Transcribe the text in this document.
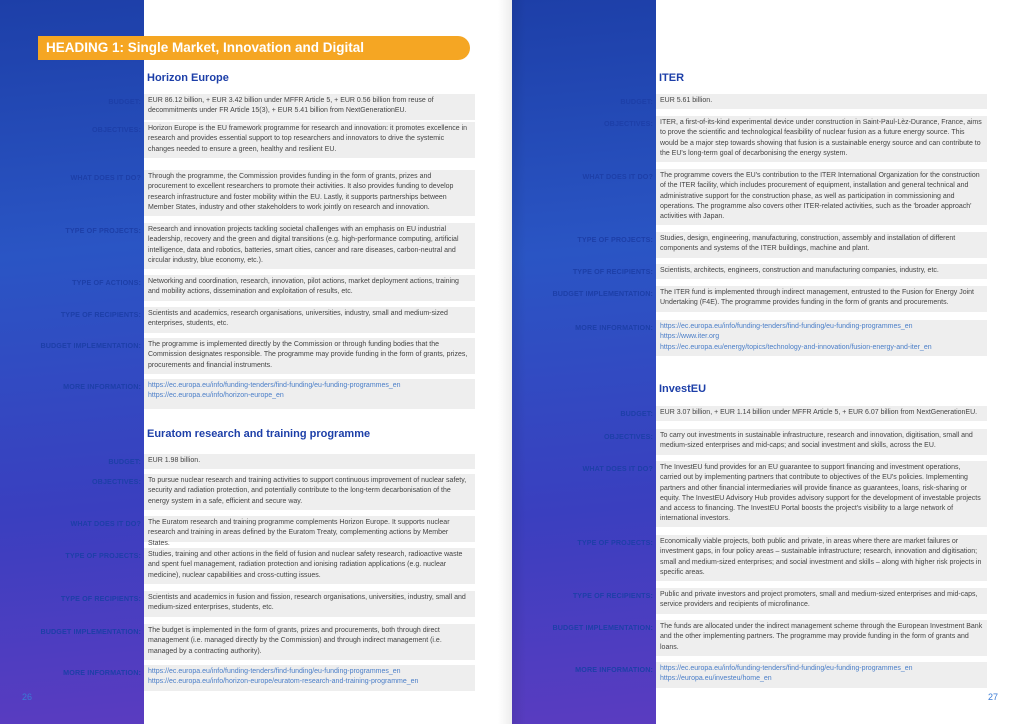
HEADING 1: Single Market, Innovation and Digital
Horizon Europe
BUDGET:	EUR 86.12 billion, + EUR 3.42 billion under MFFR Article 5, + EUR 0.56 billion from reuse of decommitments under FR Article 15(3), + EUR 5.41 billion from NextGenerationEU.
OBJECTIVES:	Horizon Europe is the EU framework programme for research and innovation: it promotes excellence in research and provides essential support to top researchers and innovators to drive the systemic changes needed to ensure a green, healthy and resilient EU.
WHAT DOES IT DO?	Through the programme, the Commission provides funding in the form of grants, prizes and procurement to excellent researchers to promote their activities. It also provides funding to develop research infrastructure and foster mobility within the EU. Lastly, it supports partnerships between Member States, industry and other stakeholders to work jointly on research and innovation.
TYPE OF PROJECTS:	Research and innovation projects tackling societal challenges with an emphasis on EU industrial leadership, recovery and the green and digital transitions (e.g. high-performance computing, artificial intelligence, data and robotics, batteries, smart cities, cancer and rare diseases, carbon-neutral and circular industry, blue economy, etc.).
TYPE OF ACTIONS:	Networking and coordination, research, innovation, pilot actions, market deployment actions, training and mobility actions, dissemination and exploitation of results, etc.
TYPE OF RECIPIENTS:	Scientists and academics, research organisations, universities, industry, small and medium-sized enterprises, students, etc.
BUDGET IMPLEMENTATION:	The programme is implemented directly by the Commission or through funding bodies that the Commission designates responsible. The programme may provide funding in the form of grants, prizes, procurements and financial instruments.
MORE INFORMATION: https://ec.europa.eu/info/funding-tenders/find-funding/eu-funding-programmes_en
https://ec.europa.eu/info/horizon-europe_en
Euratom research and training programme
BUDGET:	EUR 1.98 billion.
OBJECTIVES:	To pursue nuclear research and training activities to support continuous improvement of nuclear safety, security and radiation protection, and potentially contribute to the long-term decarbonisation of the energy system in a safe, efficient and secure way.
WHAT DOES IT DO?	The Euratom research and training programme complements Horizon Europe. It supports nuclear research and training in areas defined by the Euratom Treaty, complementing actions by Member States.
TYPE OF PROJECTS:	Studies, training and other actions in the field of fusion and nuclear safety research, radioactive waste and spent fuel management, radiation protection and ionising radiation applications (e.g. nuclear medicine), nuclear capabilities and cross-cutting issues.
TYPE OF RECIPIENTS:	Scientists and academics in fusion and fission, research organisations, universities, industry, small and medium-sized enterprises, students, etc.
BUDGET IMPLEMENTATION:	The budget is implemented in the form of grants, prizes and procurements, both through direct management (i.e. managed directly by the Commission) and through indirect management (i.e. managed by a contracting authority).
MORE INFORMATION: https://ec.europa.eu/info/funding-tenders/find-funding/eu-funding-programmes_en
https://ec.europa.eu/info/horizon-europe/euratom-research-and-training-programme_en
26
ITER
BUDGET:	EUR 5.61 billion.
OBJECTIVES:	ITER, a first-of-its-kind experimental device under construction in Saint-Paul-Lèz-Durance, France, aims to prove the scientific and technological feasibility of nuclear fusion as a future energy source. This would be a major step towards showing that fusion is a sustainable energy source and can contribute to the EU's long-term goal of decarbonising the energy system.
WHAT DOES IT DO?	The programme covers the EU's contribution to the ITER International Organization for the construction of the ITER facility, which includes procurement of equipment, installation and general technical and administrative support for the construction phase, as well as participation in commissioning and operations. The programme also covers other ITER-related activities, such as the 'broader approach' activities with Japan.
TYPE OF PROJECTS:	Studies, design, engineering, manufacturing, construction, assembly and installation of different components and systems of the ITER buildings, machine and plant.
TYPE OF RECIPIENTS:	Scientists, architects, engineers, construction and manufacturing companies, industry, etc.
BUDGET IMPLEMENTATION:	The ITER fund is implemented through indirect management, entrusted to the Fusion for Energy Joint Undertaking (F4E). The programme provides funding in the form of grants and procurements.
MORE INFORMATION: https://ec.europa.eu/info/funding-tenders/find-funding/eu-funding-programmes_en
https://www.iter.org
https://ec.europa.eu/energy/topics/technology-and-innovation/fusion-energy-and-iter_en
InvestEU
BUDGET:	EUR 3.07 billion, + EUR 1.14 billion under MFFR Article 5, + EUR 6.07 billion from NextGenerationEU.
OBJECTIVES:	To carry out investments in sustainable infrastructure, research and innovation, digitisation, small and medium-sized enterprises and mid-caps; and social investment and skills, across the EU.
WHAT DOES IT DO?	The InvestEU fund provides for an EU guarantee to support financing and investment operations, carried out by implementing partners that contribute to objectives of the EU's policies. Implementing partners and other financial intermediaries will provide finance as guarantees, loans, risk-sharing or equity. The InvestEU Advisory Hub provides advisory support for the development of investable projects and access to financing. The InvestEU Portal boosts the project's visibility to a large network of international investors.
TYPE OF PROJECTS:	Economically viable projects, both public and private, in areas where there are market failures or investment gaps, in four policy areas – sustainable infrastructure; research, innovation and digitisation; small and medium-sized enterprises; and social investment and skills – along with higher risk projects in specific areas.
TYPE OF RECIPIENTS:	Public and private investors and project promoters, small and medium-sized enterprises and mid-caps, service providers and recipients of microfinance.
BUDGET IMPLEMENTATION:	The funds are allocated under the indirect management scheme through the European Investment Bank and the other implementing partners. The programme may provide funding in the form of grants and loans.
MORE INFORMATION: https://ec.europa.eu/info/funding-tenders/find-funding/eu-funding-programmes_en
https://europa.eu/investeu/home_en
27
